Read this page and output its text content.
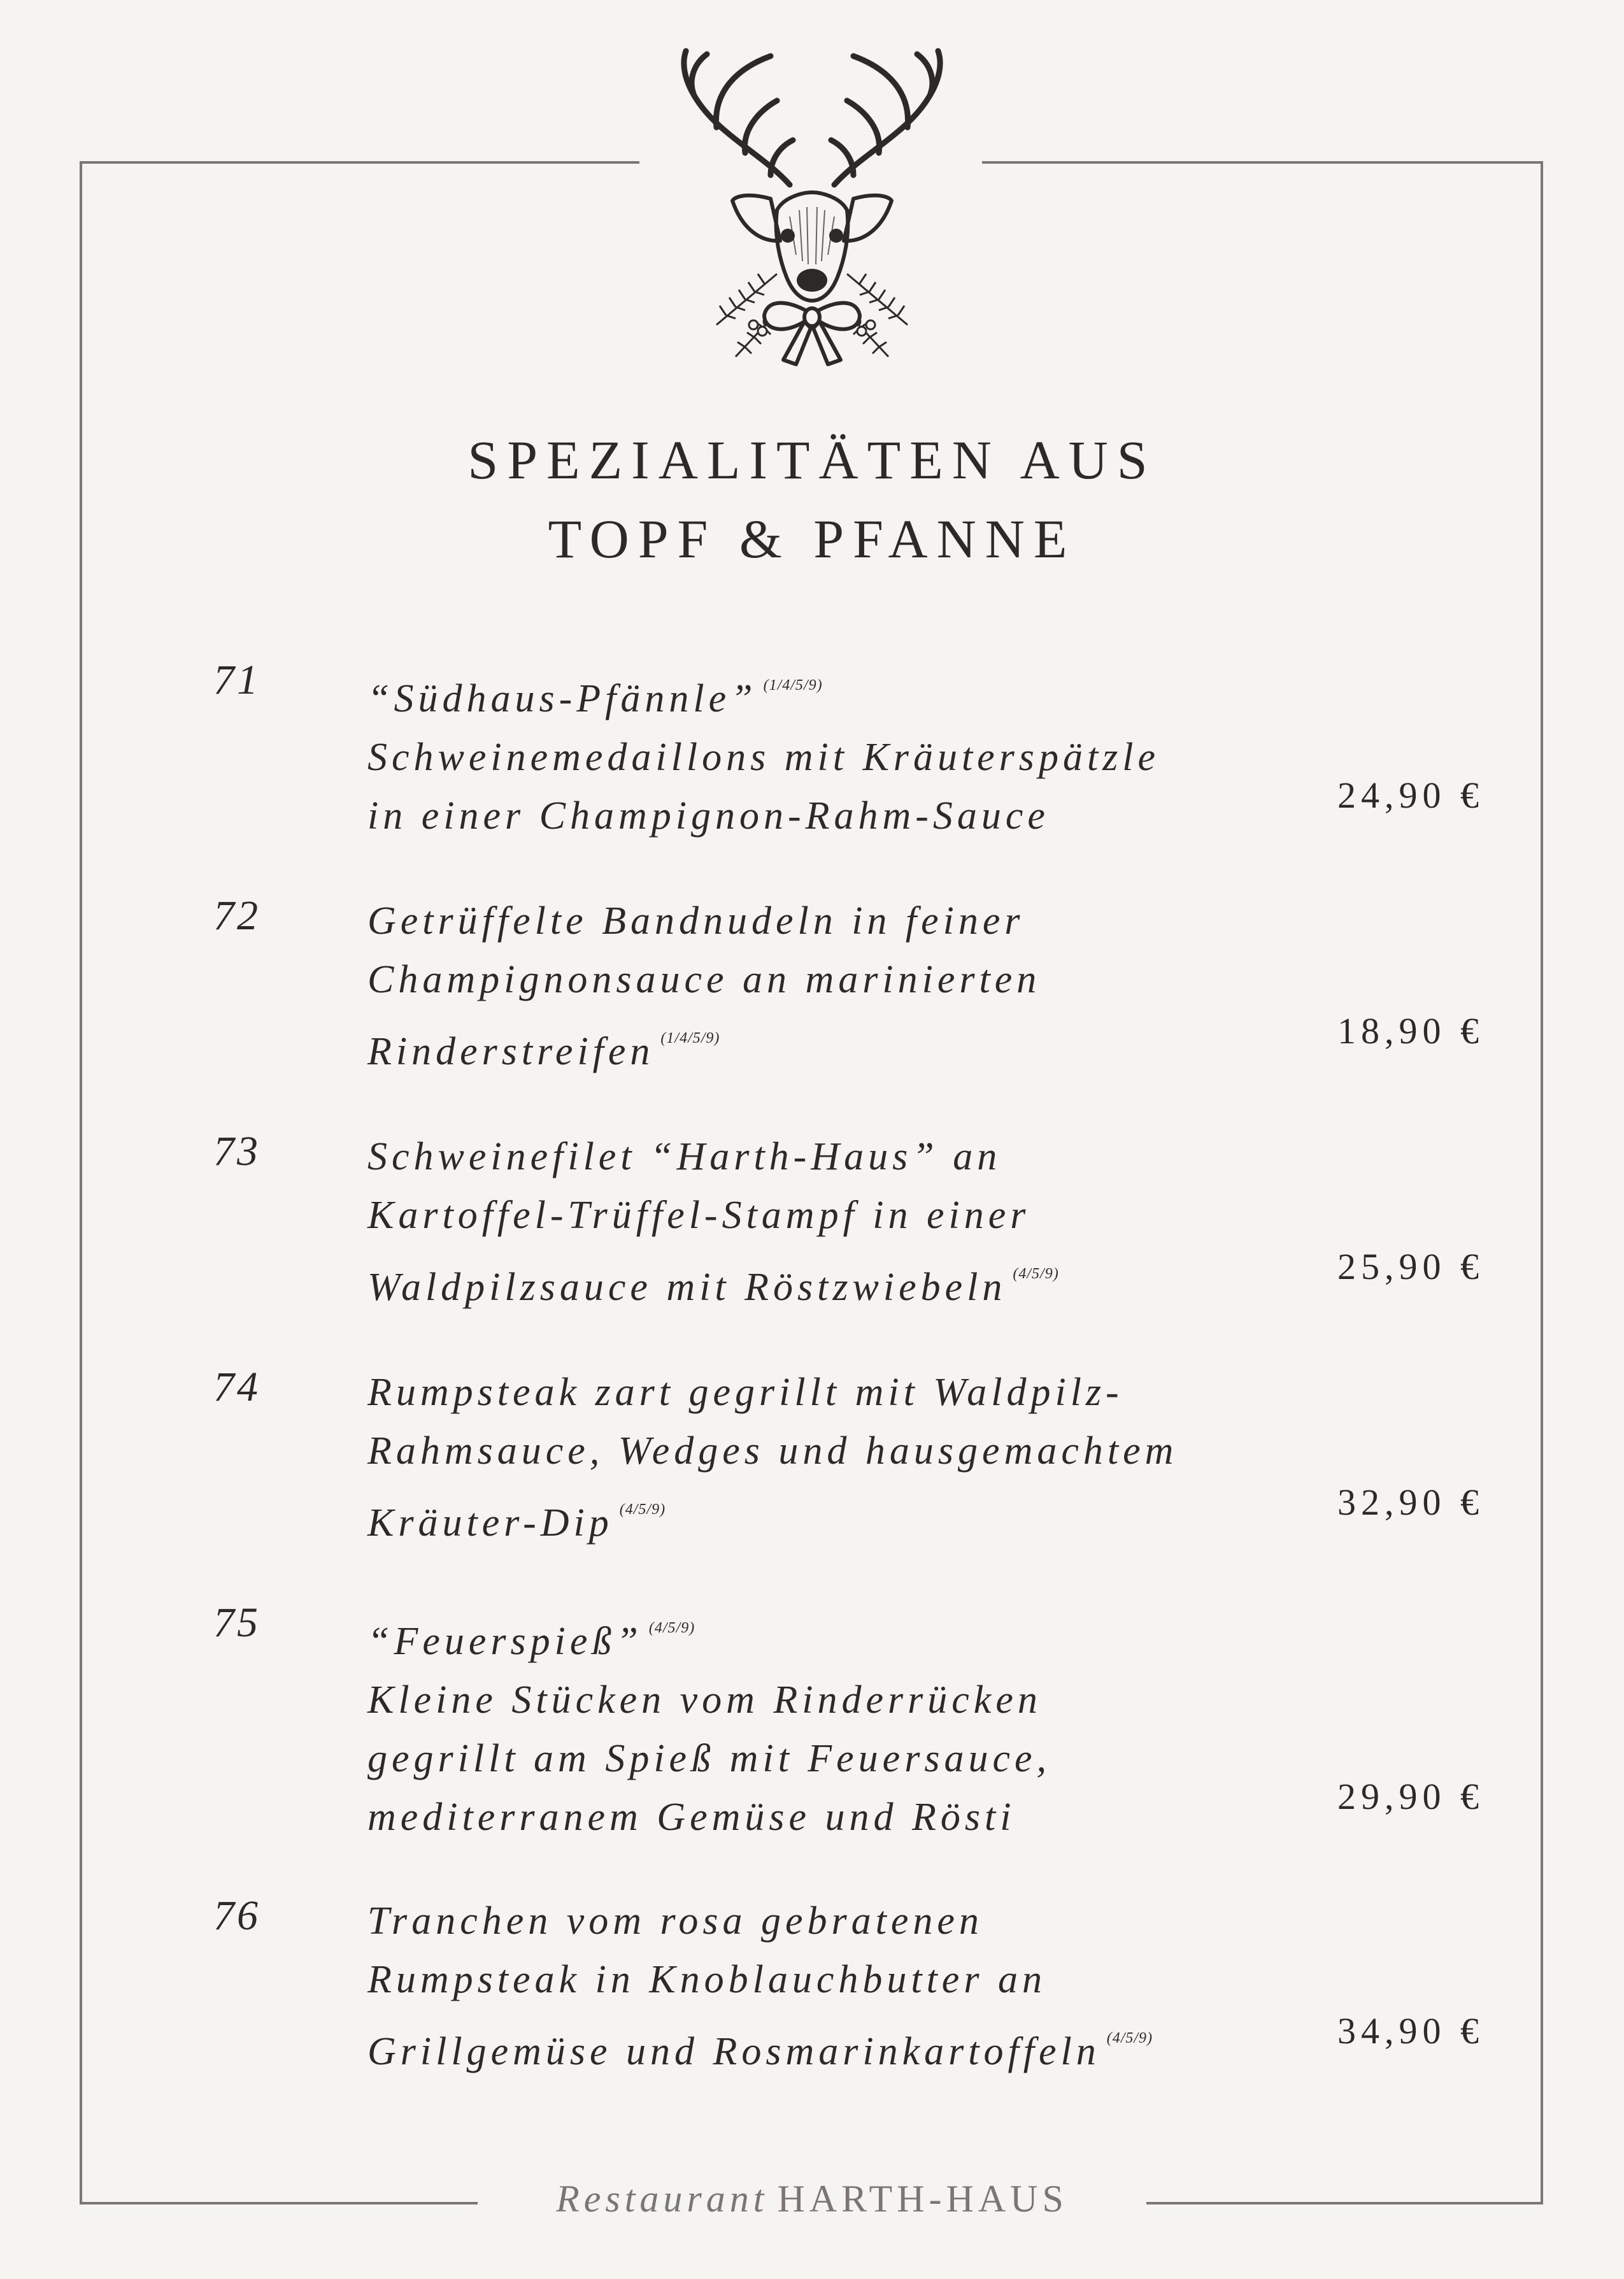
SPEZIALITÄTEN AUS
TOPF & PFANNE
71	“Südhaus-Pfännle” $^{(1/4/5/9)}$
Schweinemedaillons mit Kräuterspätzle
in einer Champignon-Rahm-Sauce	24,90 €
72	Getrüffelte Bandnudeln in feiner
Champignonsauce an marinierten
Rinderstreifen $^{(1/4/5/9)}$	18,90 €
73	Schweinefilet “Harth-Haus” an
Kartoffel-Trüffel-Stampf in einer
Waldpilzsauce mit Röstzwiebeln $^{(4/5/9)}$	25,90 €
74	Rumpsteak zart gegrillt mit Waldpilz-
Rahmsauce, Wedges und hausgemachtem
Kräuter-Dip $^{(4/5/9)}$	32,90 €
75	“Feuerspieß” $^{(4/5/9)}$
Kleine Stücken vom Rinderrücken
gegrillt am Spieß mit Feuersauce,
mediterranem Gemüse und Rösti	29,90 €
76	Tranchen vom rosa gebratenen
Rumpsteak in Knoblauchbutter an
Grillgemüse und Rosmarinkartoffeln $^{(4/5/9)}$	34,90 €
Restaurant HARTH-HAUS
